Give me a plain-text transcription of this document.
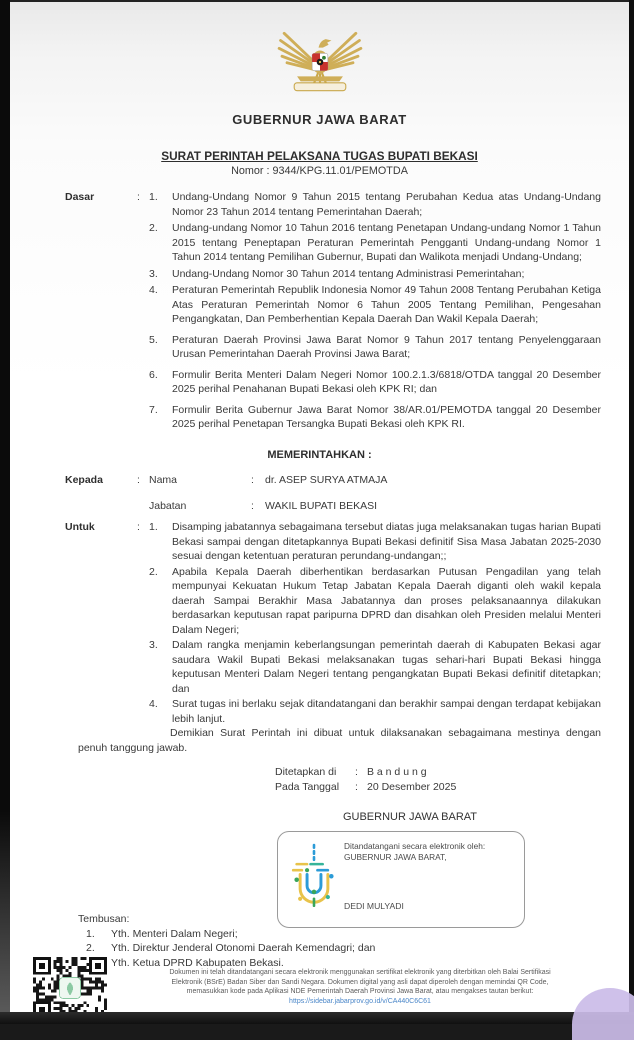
GUBERNUR JAWA BARAT
SURAT PERINTAH PELAKSANA TUGAS BUPATI BEKASI
Nomor : 9344/KPG.11.01/PEMOTDA
Dasar	:	Undang-Undang Nomor 9 Tahun 2015 tentang Perubahan Kedua atas Undang-Undang Nomor 23 Tahun 2014 tentang Pemerintahan Daerah;
Undang-undang Nomor 10 Tahun 2016 tentang Penetapan Undang-undang Nomor 1 Tahun 2015 tentang Peneptapan Peraturan Pemerintah Pengganti Undang-undang Nomor 1 Tahun 2014 tentang Pemilihan Gubernur, Bupati dan Walikota menjadi Undang-Undang;
Undang-Undang Nomor 30 Tahun 2014 tentang Administrasi Pemerintahan;
Peraturan Pemerintah Republik Indonesia Nomor 49 Tahun 2008 Tentang Perubahan Ketiga Atas Peraturan Pemerintah Nomor 6 Tahun 2005 Tentang Pemilihan, Pengesahan Pengangkatan, Dan Pemberhentian Kepala Daerah Dan Wakil Kepala Daerah;
Peraturan Daerah Provinsi Jawa Barat Nomor 9 Tahun 2017 tentang Penyelenggaraan Urusan Pemerintahan Daerah Provinsi Jawa Barat;
Formulir Berita Menteri Dalam Negeri Nomor 100.2.1.3/6818/OTDA tanggal 20 Desember 2025 perihal Penahanan Bupati Bekasi oleh KPK RI; dan
Formulir Berita Gubernur Jawa Barat Nomor 38/AR.01/PEMOTDA tanggal 20 Desember 2025 perihal Penetapan Tersangka Bupati Bekasi oleh KPK RI.
MEMERINTAHKAN :
Kepada	: Nama	:	dr. ASEP SURYA ATMAJA
Jabatan	:	WAKIL BUPATI BEKASI
Untuk	:	Disamping jabatannya sebagaimana tersebut diatas juga melaksanakan tugas harian Bupati Bekasi sampai dengan ditetapkannya Bupati Bekasi definitif Sisa Masa Jabatan 2025-2030 sesuai dengan ketentuan peraturan perundang-undangan;;
Apabila Kepala Daerah diberhentikan berdasarkan Putusan Pengadilan yang telah mempunyai Kekuatan Hukum Tetap Jabatan Kepala Daerah diganti oleh wakil kepala daerah Sampai Berakhir Masa Jabatannya dan proses pelaksanaannya dilakukan berdasarkan keputusan rapat paripurna DPRD dan disahkan oleh Presiden melalui Menteri Dalam Negeri;
Dalam rangka menjamin keberlangsungan pemerintah daerah di Kabupaten Bekasi agar saudara Wakil Bupati Bekasi melaksanakan tugas sehari-hari Bupati Bekasi hingga keputusan Menteri Dalam Negeri tentang pengangkatan Bupati Bekasi definitif ditetapkan; dan
Surat tugas ini berlaku sejak ditandatangani dan berakhir sampai dengan terdapat kebijakan lebih lanjut.
Demikian Surat Perintah ini dibuat untuk dilaksanakan sebagaimana mestinya dengan penuh tanggung jawab.
Ditetapkan di	: B a n d u n g
Pada Tanggal	: 20 Desember 2025
GUBERNUR JAWA BARAT
Ditandatangani secara elektronik oleh:
GUBERNUR JAWA BARAT,
DEDI MULYADI
Tembusan:
Yth. Menteri Dalam Negeri;
Yth. Direktur Jenderal Otonomi Daerah Kemendagri; dan
Yth. Ketua DPRD Kabupaten Bekasi.
Dokumen ini telah ditandatangani secara elektronik menggunakan sertifikat elektronik yang diterbitkan oleh Balai Sertifikasi
Elektronik (BSrE) Badan Siber dan Sandi Negara. Dokumen digital yang asli dapat diperoleh dengan memindai QR Code,
memasukkan kode pada Aplikasi NDE Pemerintah Daerah Provinsi Jawa Barat, atau mengakses tautan berikut:
https://sidebar.jabarprov.go.id/v/CA440C6C61
